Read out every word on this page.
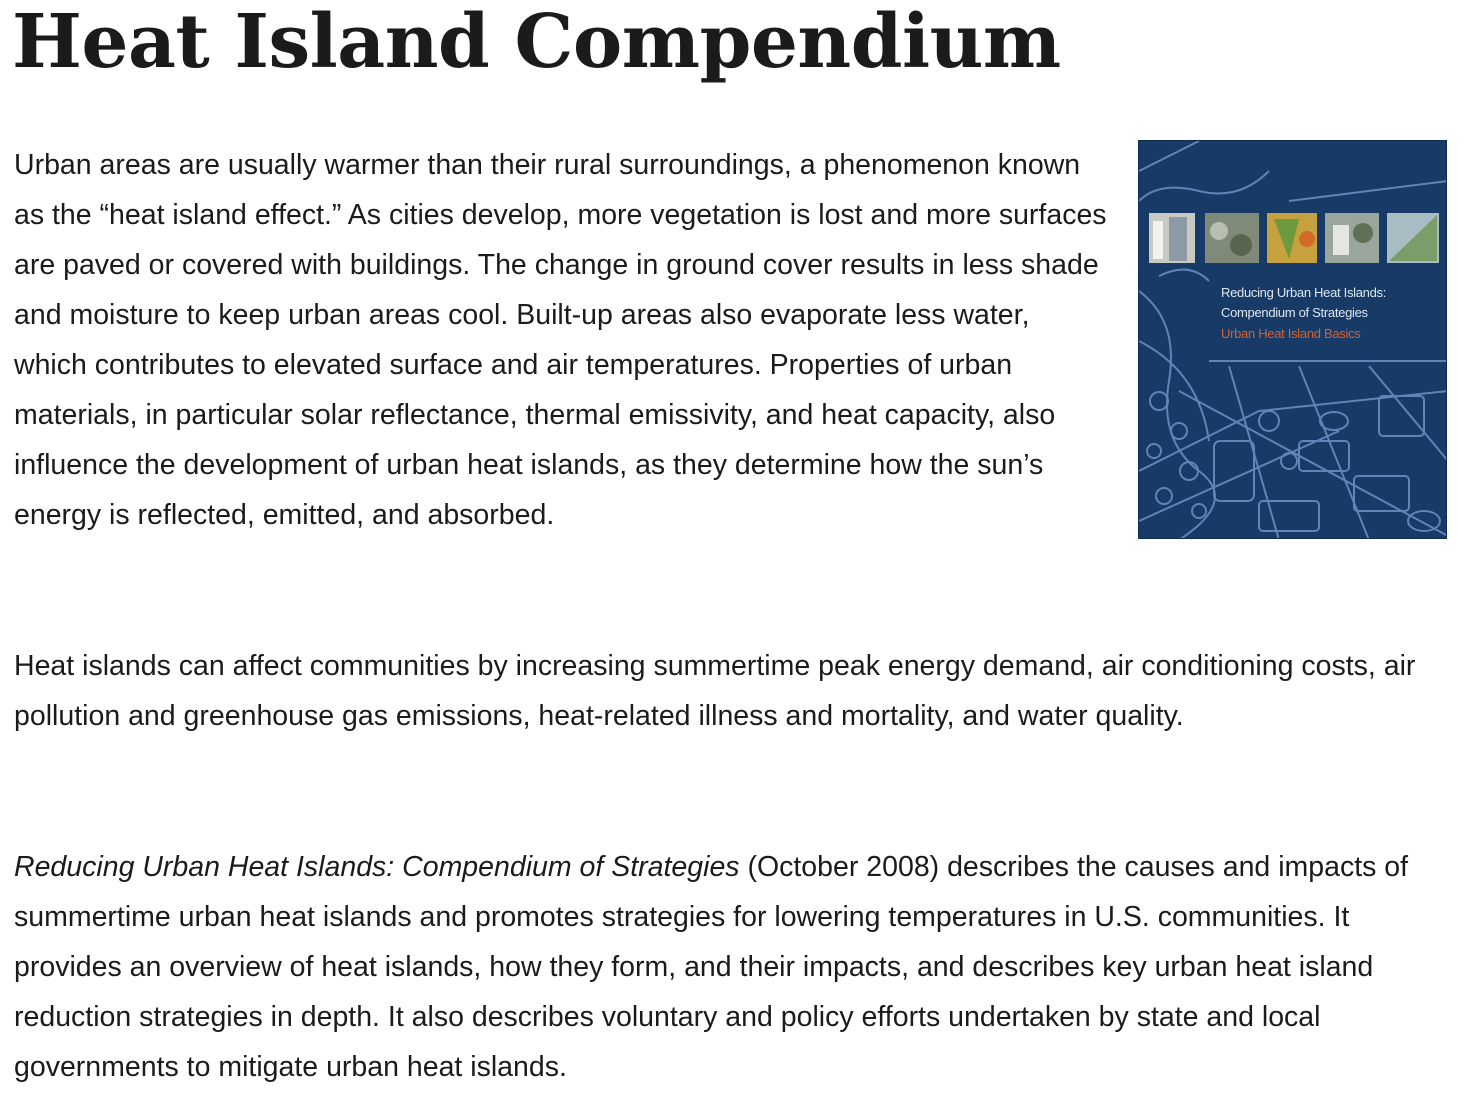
Heat Island Compendium

Urban areas are usually warmer than their rural surroundings, a phenomenon known as the “heat island effect.” As cities develop, more vegetation is lost and more surfaces are paved or covered with buildings. The change in ground cover results in less shade and moisture to keep urban areas cool. Built-up areas also evaporate less water, which contributes to elevated surface and air temperatures. Properties of urban materials, in particular solar reflectance, thermal emissivity, and heat capacity, also influence the development of urban heat islands, as they determine how the sun’s energy is reflected, emitted, and absorbed.

Reducing Urban Heat Islands:
Compendium of Strategies
Urban Heat Island Basics

Heat islands can affect communities by increasing summertime peak energy demand, air conditioning costs, air pollution and greenhouse gas emissions, heat-related illness and mortality, and water quality.

Reducing Urban Heat Islands: Compendium of Strategies (October 2008) describes the causes and impacts of summertime urban heat islands and promotes strategies for lowering temperatures in U.S. communities. It provides an overview of heat islands, how they form, and their impacts, and describes key urban heat island reduction strategies in depth. It also describes voluntary and policy efforts undertaken by state and local governments to mitigate urban heat islands.
